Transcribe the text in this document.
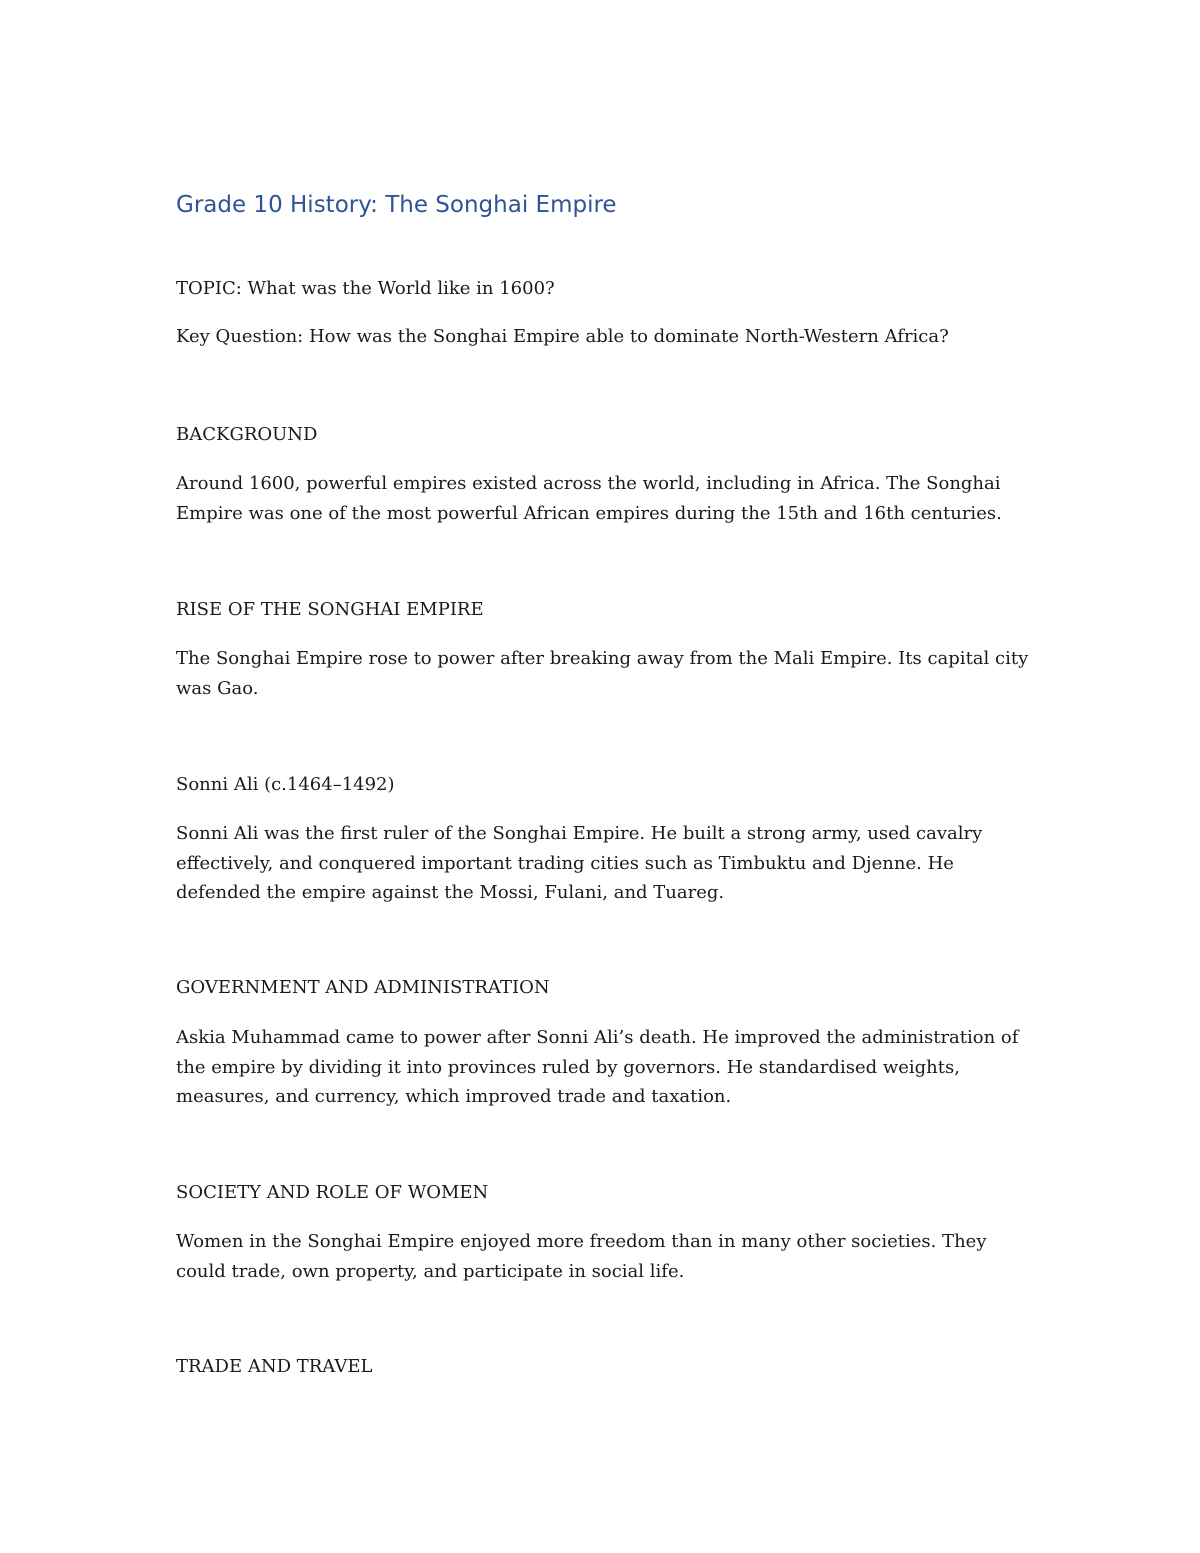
Grade 10 History: The Songhai Empire

TOPIC: What was the World like in 1600?

Key Question: How was the Songhai Empire able to dominate North-Western Africa?

BACKGROUND

Around 1600, powerful empires existed across the world, including in Africa. The Songhai
Empire was one of the most powerful African empires during the 15th and 16th centuries.

RISE OF THE SONGHAI EMPIRE

The Songhai Empire rose to power after breaking away from the Mali Empire. Its capital city
was Gao.

Sonni Ali (c.1464–1492)

Sonni Ali was the first ruler of the Songhai Empire. He built a strong army, used cavalry
effectively, and conquered important trading cities such as Timbuktu and Djenne. He
defended the empire against the Mossi, Fulani, and Tuareg.

GOVERNMENT AND ADMINISTRATION

Askia Muhammad came to power after Sonni Ali’s death. He improved the administration of
the empire by dividing it into provinces ruled by governors. He standardised weights,
measures, and currency, which improved trade and taxation.

SOCIETY AND ROLE OF WOMEN

Women in the Songhai Empire enjoyed more freedom than in many other societies. They
could trade, own property, and participate in social life.

TRADE AND TRAVEL
